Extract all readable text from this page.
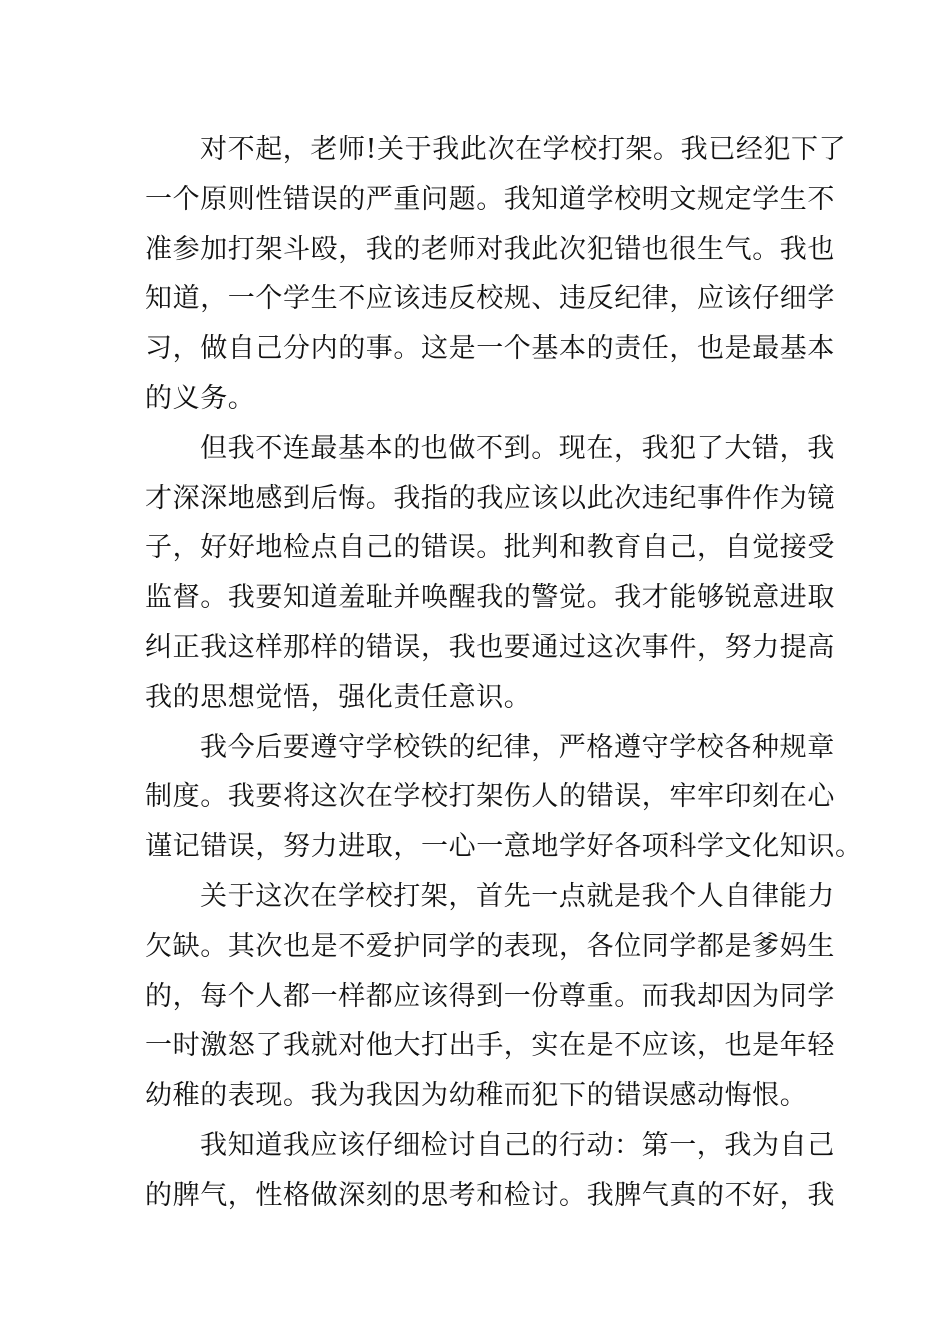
对不起，老师!关于我此次在学校打架。我已经犯下了
一个原则性错误的严重问题。我知道学校明文规定学生不
准参加打架斗殴，我的老师对我此次犯错也很生气。我也
知道，一个学生不应该违反校规、违反纪律，应该仔细学
习，做自己分内的事。这是一个基本的责任，也是最基本
的义务。
但我不连最基本的也做不到。现在，我犯了大错，我
才深深地感到后悔。我指的我应该以此次违纪事件作为镜
子，好好地检点自己的错误。批判和教育自己，自觉接受
监督。我要知道羞耻并唤醒我的警觉。我才能够锐意进取
纠正我这样那样的错误，我也要通过这次事件，努力提高
我的思想觉悟，强化责任意识。
我今后要遵守学校铁的纪律，严格遵守学校各种规章
制度。我要将这次在学校打架伤人的错误，牢牢印刻在心
谨记错误，努力进取，一心一意地学好各项科学文化知识。
关于这次在学校打架，首先一点就是我个人自律能力
欠缺。其次也是不爱护同学的表现，各位同学都是爹妈生
的，每个人都一样都应该得到一份尊重。而我却因为同学
一时激怒了我就对他大打出手，实在是不应该，也是年轻
幼稚的表现。我为我因为幼稚而犯下的错误感动悔恨。
我知道我应该仔细检讨自己的行动：第一，我为自己
的脾气，性格做深刻的思考和检讨。我脾气真的不好，我
